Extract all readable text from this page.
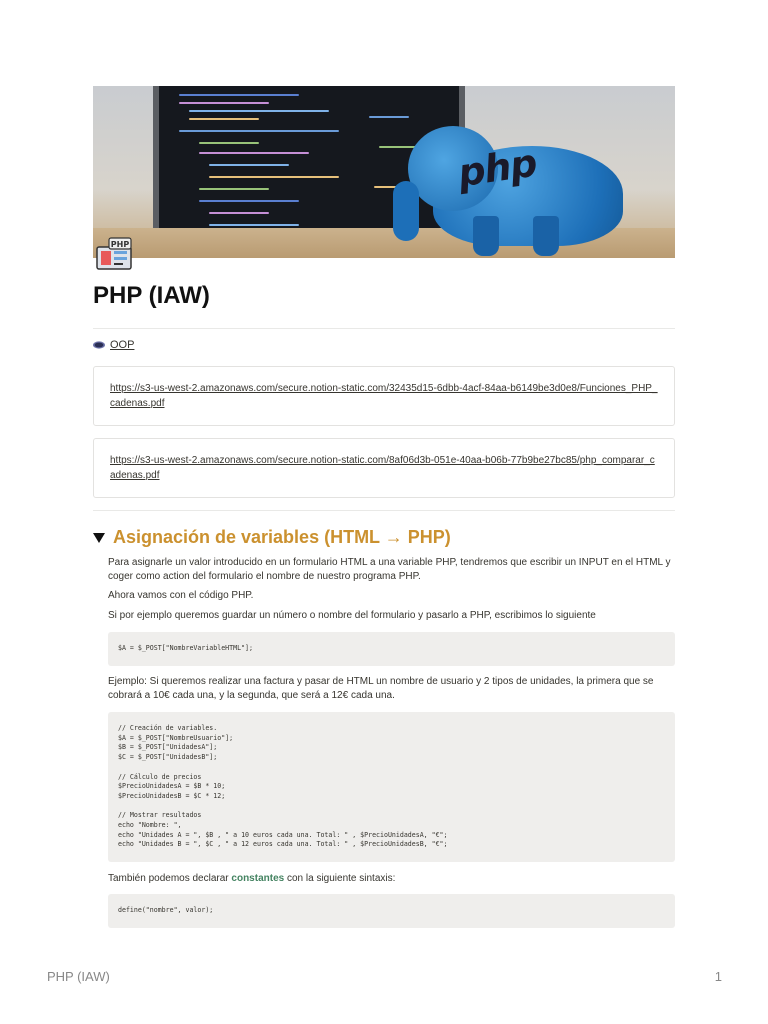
php
PHP
PHP (IAW)
OOP
https://s3-us-west-2.amazonaws.com/secure.notion-static.com/32435d15-6dbb-4acf-84aa-b6149be3d0e8/Funciones_PHP_cadenas.pdf
https://s3-us-west-2.amazonaws.com/secure.notion-static.com/8af06d3b-051e-40aa-b06b-77b9be27bc85/php_comparar_cadenas.pdf
Asignación de variables (HTML → PHP)

Para asignarle un valor introducido en un formulario HTML a una variable PHP, tendremos que escribir un INPUT en el HTML y coger como action del formulario el nombre de nuestro programa PHP.

Ahora vamos con el código PHP.

Si por ejemplo queremos guardar un número o nombre del formulario y pasarlo a PHP, escribimos lo siguiente

$A = $_POST["NombreVariableHTML"];

Ejemplo: Si queremos realizar una factura y pasar de HTML un nombre de usuario y 2 tipos de unidades, la primera que se cobrará a 10€ cada una, y la segunda, que será a 12€ cada una.

// Creación de variables.
$A = $_POST["NombreUsuario"];
$B = $_POST["UnidadesA"];
$C = $_POST["UnidadesB"];

// Cálculo de precios
$PrecioUnidadesA = $B * 10;
$PrecioUnidadesB = $C * 12;

// Mostrar resultados
echo "Nombre: ",
echo "Unidades A = ", $B , " a 10 euros cada una. Total: " , $PrecioUnidadesA, "€";
echo "Unidades B = ", $C , " a 12 euros cada una. Total: " , $PrecioUnidadesB, "€";

También podemos declarar constantes con la siguiente sintaxis:

define("nombre", valor);
PHP (IAW)	1
